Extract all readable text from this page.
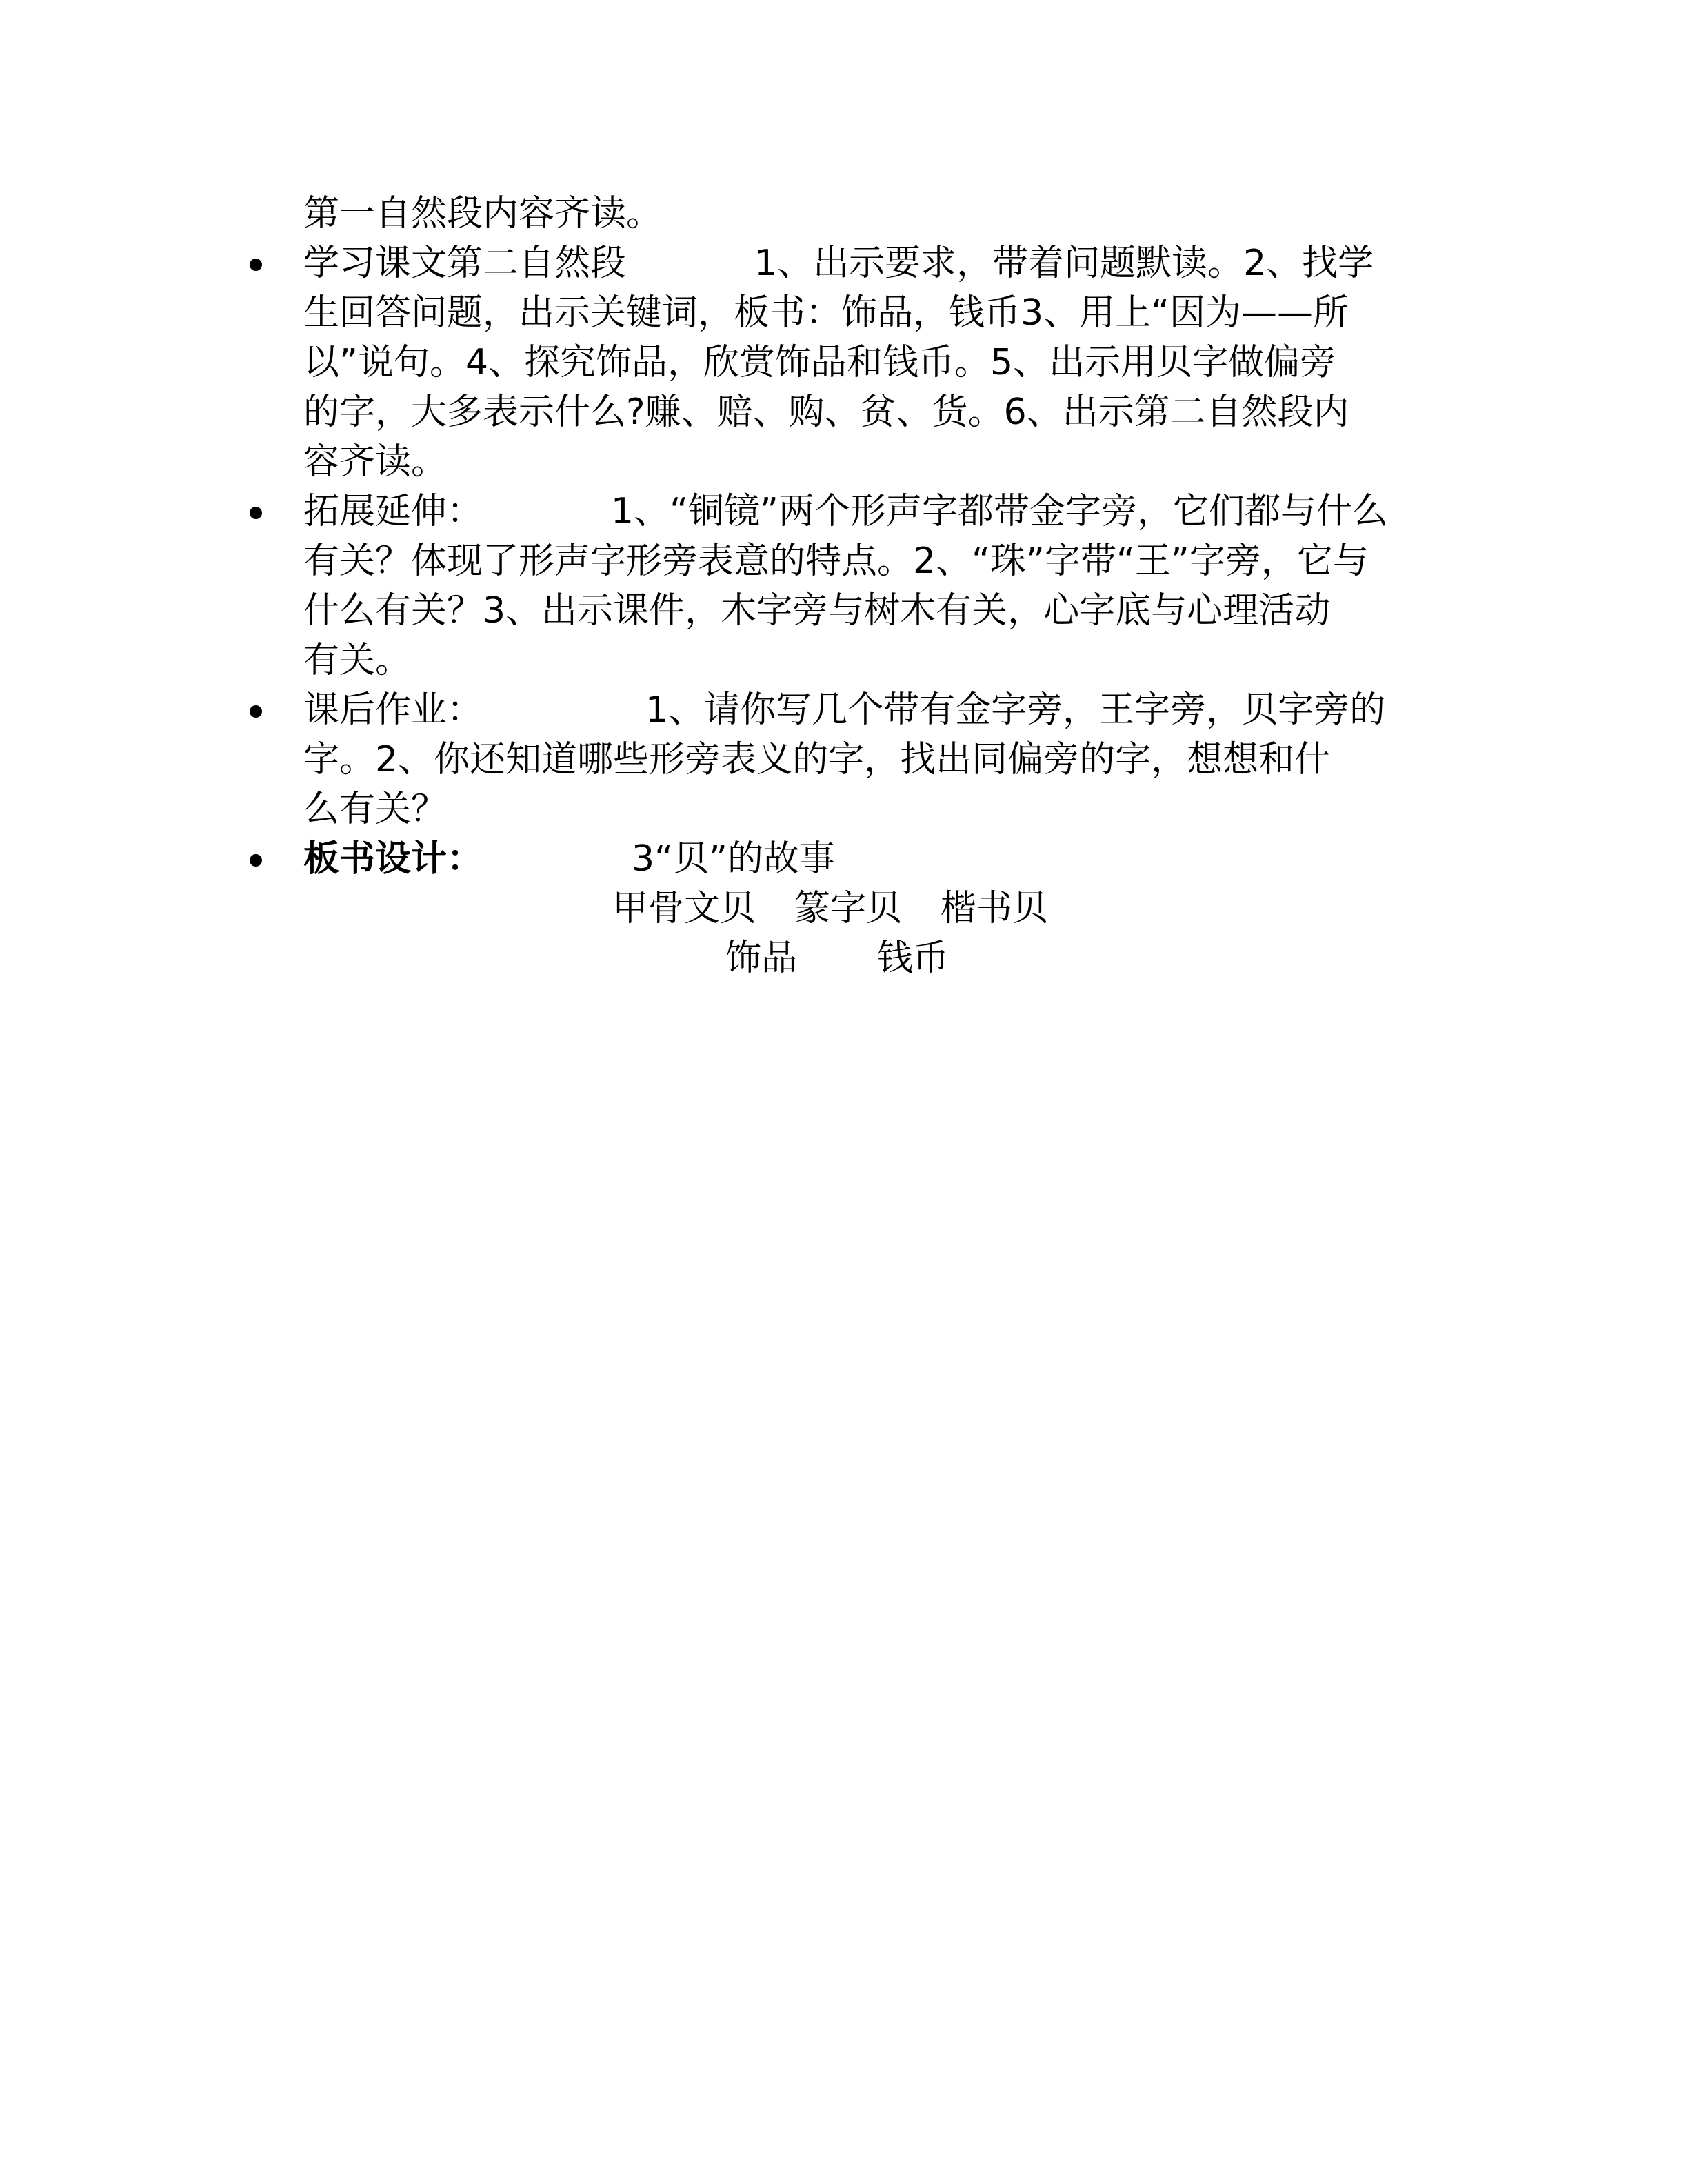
第一自然段内容齐读。
学习课文第二自然段	1、出示要求，带着问题默读。2、找学
生回答问题，出示关键词，板书：饰品，钱币3、用上“因为——所
以”说句。4、探究饰品，欣赏饰品和钱币。5、出示用贝字做偏旁
的字，大多表示什么?赚、赔、购、贫、货。6、出示第二自然段内
容齐读。
拓展延伸：	1、“铜镜”两个形声字都带金字旁，它们都与什么
有关？体现了形声字形旁表意的特点。2、“珠”字带“王”字旁，它与
什么有关？3、出示课件，木字旁与树木有关，心字底与心理活动
有关。
课后作业：	1、请你写几个带有金字旁，王字旁，贝字旁的
字。2、你还知道哪些形旁表义的字，找出同偏旁的字，想想和什
么有关？
板书设计：	3“贝”的故事
甲骨文贝 篆字贝 楷书贝
饰品 钱币
